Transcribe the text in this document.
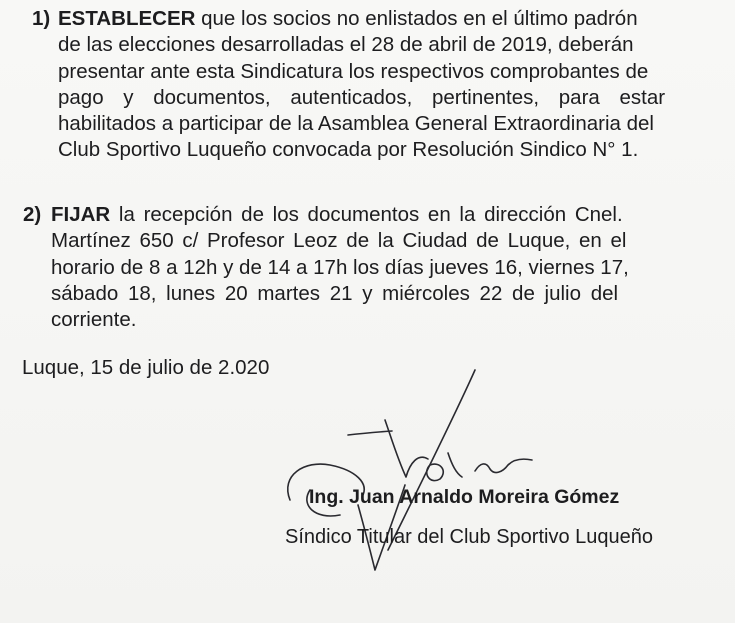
1) ESTABLECER que los socios no enlistados en el último padrón
de las elecciones desarrolladas el 28 de abril de 2019, deberán
presentar ante esta Sindicatura los respectivos comprobantes de
pago y documentos, autenticados, pertinentes, para estar
habilitados a participar de la Asamblea General Extraordinaria del
Club Sportivo Luqueño convocada por Resolución Sindico N° 1.
2) FIJAR la recepción de los documentos en la dirección Cnel.
Martínez 650 c/ Profesor Leoz de la Ciudad de Luque, en el
horario de 8 a 12h y de 14 a 17h los días jueves 16, viernes 17,
sábado 18, lunes 20 martes 21 y miércoles 22 de julio del
corriente.
Luque, 15 de julio de 2.020
Ing. Juan Arnaldo Moreira Gómez
Síndico Titular del Club Sportivo Luqueño
